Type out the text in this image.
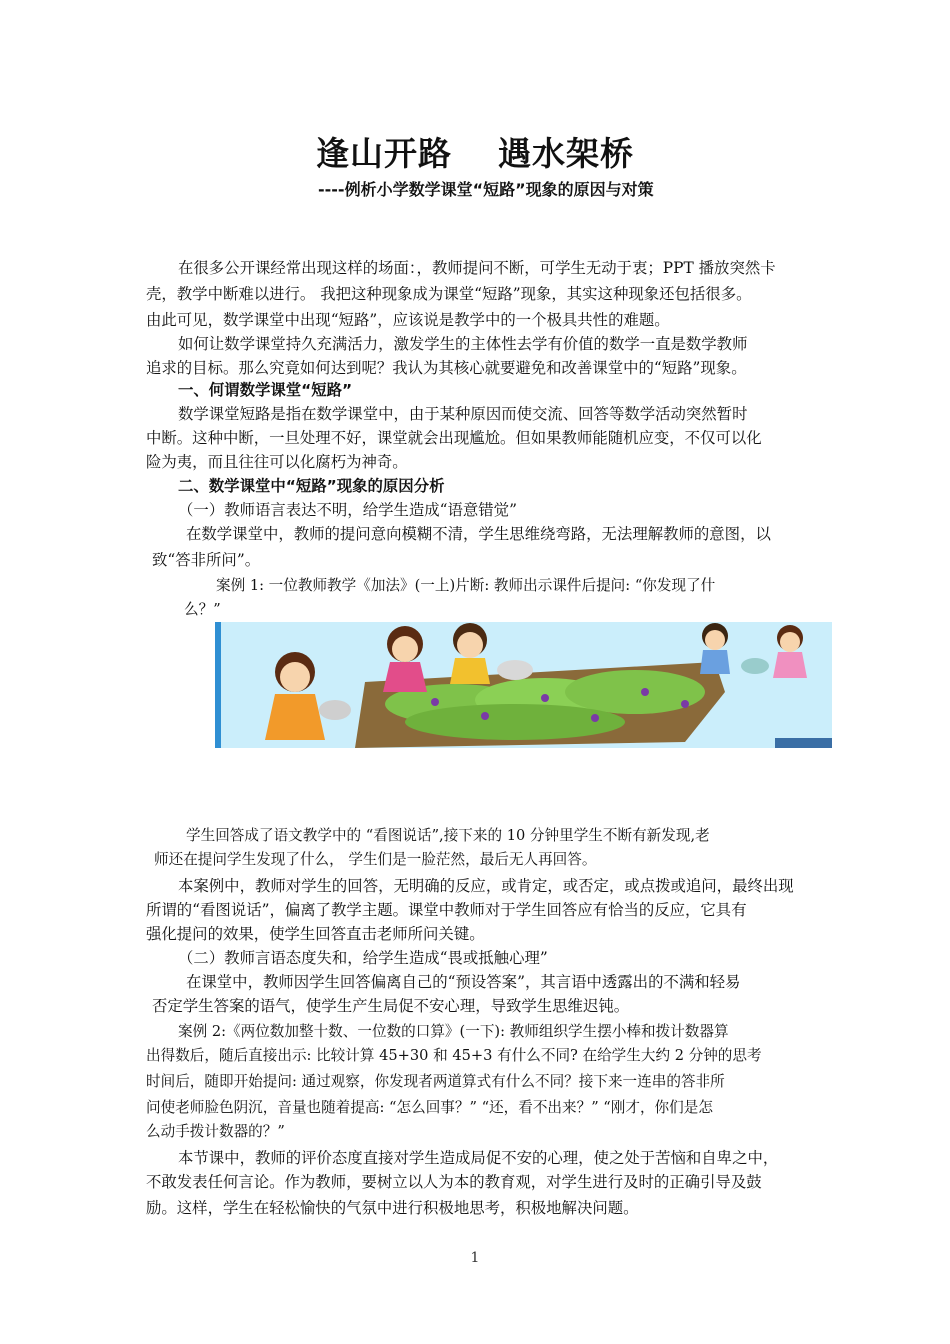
逢山开路 遇水架桥
----例析小学数学课堂“短路”现象的原因与对策
在很多公开课经常出现这样的场面：，教师提问不断，可学生无动于衷；PPT 播放突然卡
壳，教学中断难以进行。 我把这种现象成为课堂“短路”现象，其实这种现象还包括很多。
由此可见，数学课堂中出现“短路”，应该说是教学中的一个极具共性的难题。
如何让数学课堂持久充满活力，激发学生的主体性去学有价值的数学一直是数学教师
追求的目标。那么究竟如何达到呢？我认为其核心就要避免和改善课堂中的“短路”现象。
一、何谓数学课堂“短路”
数学课堂短路是指在数学课堂中，由于某种原因而使交流、回答等数学活动突然暂时
中断。这种中断，一旦处理不好，课堂就会出现尴尬。但如果教师能随机应变，不仅可以化
险为夷，而且往往可以化腐朽为神奇。
二、数学课堂中“短路”现象的原因分析
（一）教师语言表达不明，给学生造成“语意错觉”
在数学课堂中，教师的提问意向模糊不清，学生思维绕弯路，无法理解教师的意图，以
致“答非所问”。
案例 1: 一位教师教学《加法》(一上)片断: 教师出示课件后提问: “你发现了什
么？”
学生回答成了语文教学中的 “看图说话”,接下来的 10 分钟里学生不断有新发现,老
师还在提问学生发现了什么， 学生们是一脸茫然，最后无人再回答。
本案例中，教师对学生的回答，无明确的反应，或肯定，或否定，或点拨或追问，最终出现
所谓的“看图说话”，偏离了教学主题。课堂中教师对于学生回答应有恰当的反应，它具有
强化提问的效果，使学生回答直击老师所问关键。
（二）教师言语态度失和，给学生造成“畏或抵触心理”
在课堂中，教师因学生回答偏离自己的“预设答案”，其言语中透露出的不满和轻易
否定学生答案的语气，使学生产生局促不安心理，导致学生思维迟钝。
案例 2:《两位数加整十数、一位数的口算》(一下): 教师组织学生摆小棒和拨计数器算
出得数后，随后直接出示: 比较计算 45+30 和 45+3 有什么不同? 在给学生大约 2 分钟的思考
时间后，随即开始提问: 通过观察，你发现者两道算式有什么不同？接下来一连串的答非所
问使老师脸色阴沉，音量也随着提高: “怎么回事？” “还，看不出来？” “刚才，你们是怎
么动手拨计数器的？”
本节课中，教师的评价态度直接对学生造成局促不安的心理，使之处于苦恼和自卑之中，
不敢发表任何言论。作为教师，要树立以人为本的教育观，对学生进行及时的正确引导及鼓
励。这样，学生在轻松愉快的气氛中进行积极地思考，积极地解决问题。
1
